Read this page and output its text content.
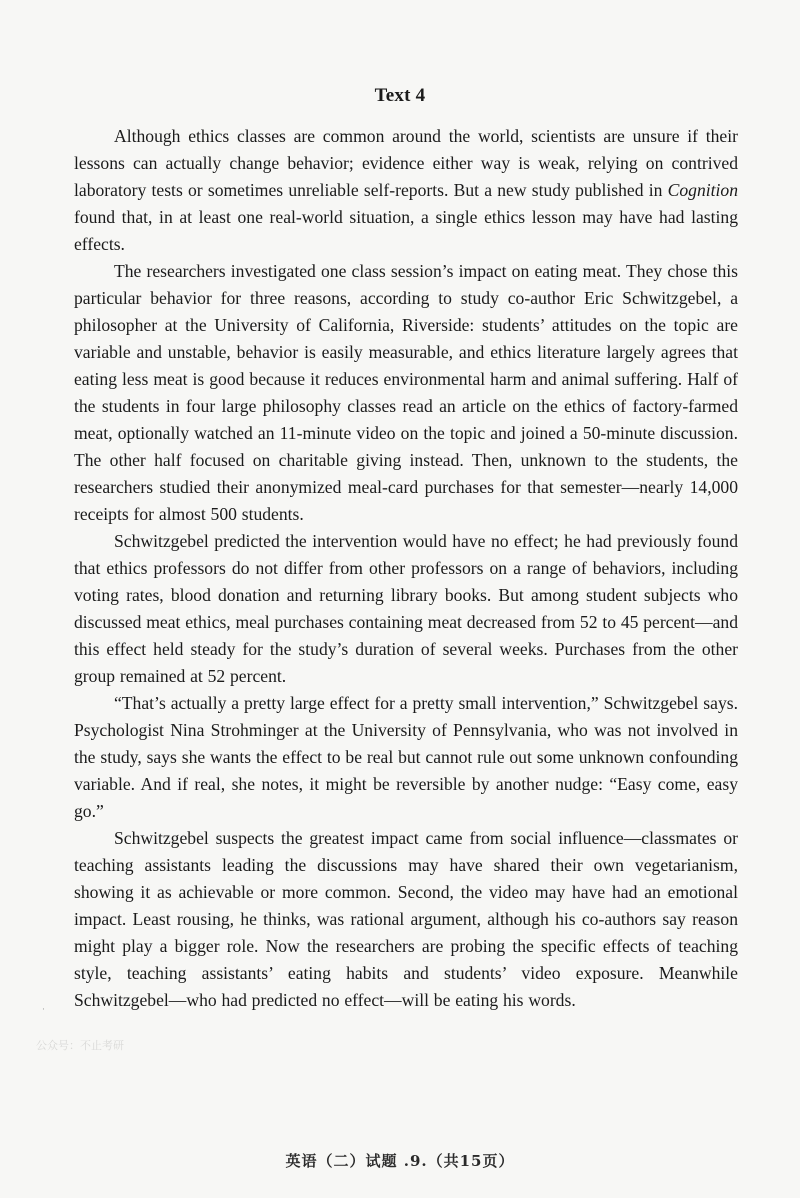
Text 4

Although ethics classes are common around the world, scientists are unsure if their lessons can actually change behavior; evidence either way is weak, relying on contrived laboratory tests or sometimes unreliable self-reports. But a new study published in Cognition found that, in at least one real-world situation, a single ethics lesson may have had lasting effects.

The researchers investigated one class session’s impact on eating meat. They chose this particular behavior for three reasons, according to study co-author Eric Schwitzgebel, a philosopher at the University of California, Riverside: students’ attitudes on the topic are variable and unstable, behavior is easily measurable, and ethics literature largely agrees that eating less meat is good because it reduces environmental harm and animal suffering. Half of the students in four large philosophy classes read an article on the ethics of factory-farmed meat, optionally watched an 11-minute video on the topic and joined a 50-minute discussion. The other half focused on charitable giving instead. Then, unknown to the students, the researchers studied their anonymized meal-card purchases for that semester—nearly 14,000 receipts for almost 500 students.

Schwitzgebel predicted the intervention would have no effect; he had previously found that ethics professors do not differ from other professors on a range of behaviors, including voting rates, blood donation and returning library books. But among student subjects who discussed meat ethics, meal purchases containing meat decreased from 52 to 45 percent—and this effect held steady for the study’s duration of several weeks. Purchases from the other group remained at 52 percent.

“That’s actually a pretty large effect for a pretty small intervention,” Schwitzgebel says. Psychologist Nina Strohminger at the University of Pennsylvania, who was not involved in the study, says she wants the effect to be real but cannot rule out some unknown confounding variable. And if real, she notes, it might be reversible by another nudge: “Easy come, easy go.”

Schwitzgebel suspects the greatest impact came from social influence—classmates or teaching assistants leading the discussions may have shared their own vegetarianism, showing it as achievable or more common. Second, the video may have had an emotional impact. Least rousing, he thinks, was rational argument, although his co-authors say reason might play a bigger role. Now the researchers are probing the specific effects of teaching style, teaching assistants’ eating habits and students’ video exposure. Meanwhile Schwitzgebel—who had predicted no effect—will be eating his words.

·
公众号：不止考研
英语（二）试题 .9.（共15页）
